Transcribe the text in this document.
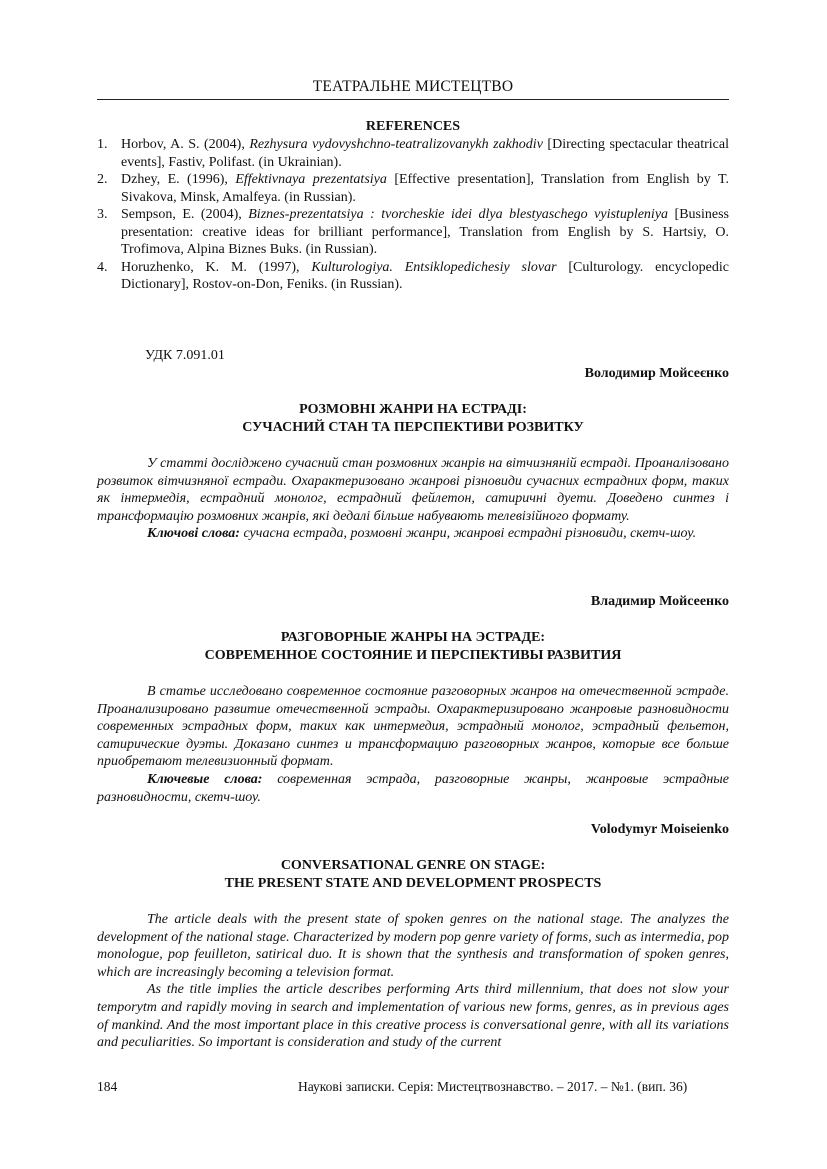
ТЕАТРАЛЬНЕ МИСТЕЦТВО
REFERENCES
1. Horbov, A. S. (2004), Rezhysura vydovyshchno-teatralizovanykh zakhodiv [Directing spectacular theatrical events], Fastiv, Polifast. (in Ukrainian).
2. Dzhey, E. (1996), Effektivnaya prezentatsiya [Effective presentation], Translation from English by T. Sivakova, Minsk, Amalfeya. (in Russian).
3. Sempson, E. (2004), Biznes-prezentatsiya : tvorcheskie idei dlya blestyaschego vyistupleniya [Business presentation: creative ideas for brilliant performance], Translation from English by S. Hartsiy, O. Trofimova, Alpina Biznes Buks. (in Russian).
4. Horuzhenko, K. M. (1997), Kulturologiya. Entsiklopedichesiy slovar [Culturology. encyclopedic Dictionary], Rostov-on-Don, Feniks. (in Russian).
УДК 7.091.01
Володимир Мойсеєнко
РОЗМОВНІ ЖАНРИ НА ЕСТРАДІ:
СУЧАСНИЙ СТАН ТА ПЕРСПЕКТИВИ РОЗВИТКУ

У статті досліджено сучасний стан розмовних жанрів на вітчизняній естраді. Проаналізовано розвиток вітчизняної естради. Охарактеризовано жанрові різновиди сучасних естрадних форм, таких як інтермедія, естрадний монолог, естрадний фейлетон, сатиричні дуети. Доведено синтез і трансформацію розмовних жанрів, які дедалі більше набувають телевізійного формату.

Ключові слова: сучасна естрада, розмовні жанри, жанрові естрадні різновиди, скетч-шоу.

Владимир Мойсеенко
РАЗГОВОРНЫЕ ЖАНРЫ НА ЭСТРАДЕ:
СОВРЕМЕННОЕ СОСТОЯНИЕ И ПЕРСПЕКТИВЫ РАЗВИТИЯ

В статье исследовано современное состояние разговорных жанров на отечественной эстраде. Проанализировано развитие отечественной эстрады. Охарактеризировано жанровые разновидности современных эстрадных форм, таких как интермедия, эстрадный монолог, эстрадный фельетон, сатирические дуэты. Доказано синтез и трансформацию разговорных жанров, которые все больше приобретают телевизионный формат.

Ключевые слова: современная эстрада, разговорные жанры, жанровые эстрадные разновидности, скетч-шоу.

Volodymyr Moiseienko
CONVERSATIONAL GENRE ON STAGE:
THE PRESENT STATE AND DEVELOPMENT PROSPECTS

The article deals with the present state of spoken genres on the national stage. The analyzes the development of the national stage. Characterized by modern pop genre variety of forms, such as intermedia, pop monologue, pop feuilleton, satirical duo. It is shown that the synthesis and transformation of spoken genres, which are increasingly becoming a television format.

As the title implies the article describes performing Arts third millennium, that does not slow your temporytm and rapidly moving in search and implementation of various new forms, genres, as in previous ages of mankind. And the most important place in this creative process is conversational genre, with all its variations and peculiarities. So important is consideration and study of the current

184	Наукові записки. Серія: Мистецтвознавство. – 2017. – №1. (вип. 36)
